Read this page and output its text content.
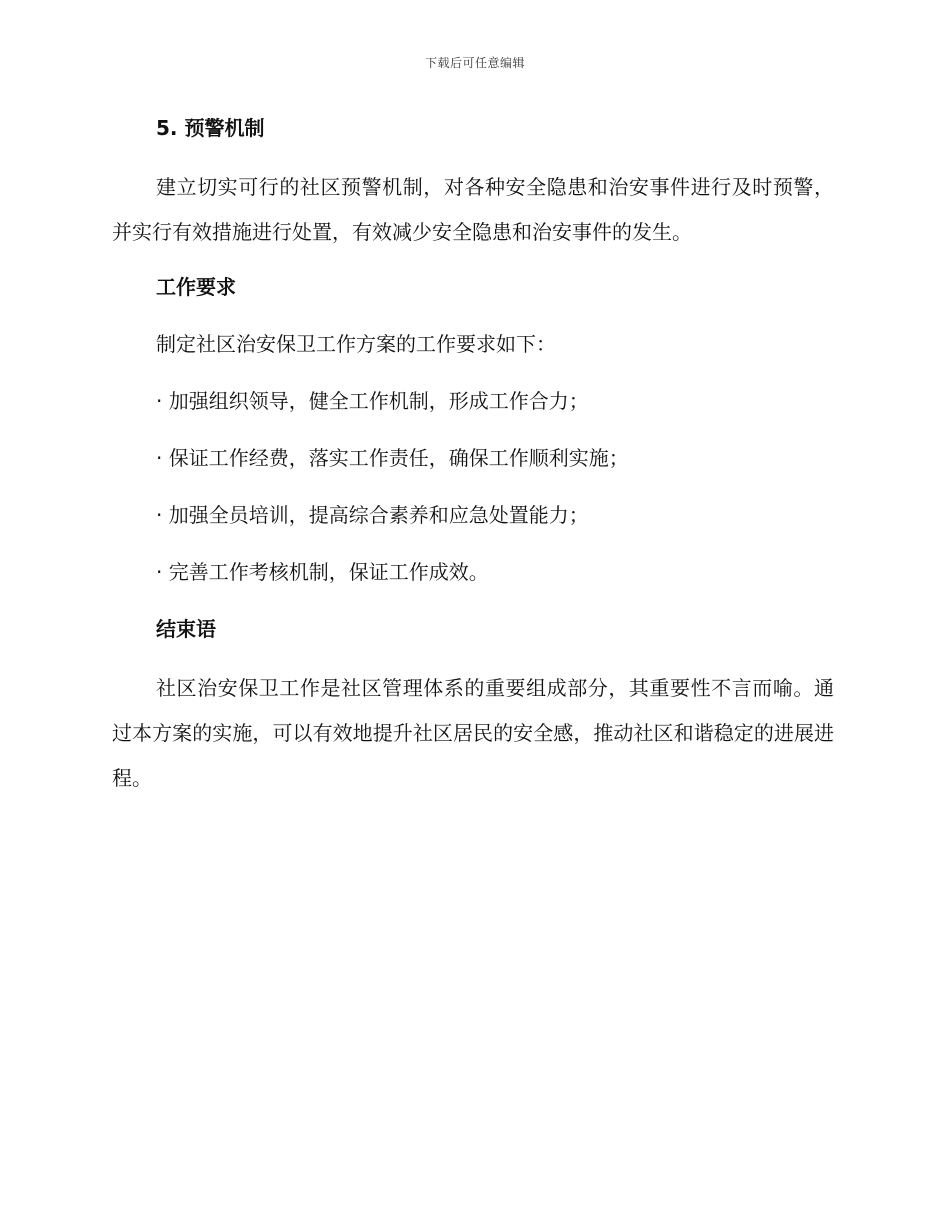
下载后可任意编辑
5. 预警机制

建立切实可行的社区预警机制，对各种安全隐患和治安事件进行及时预警，并实行有效措施进行处置，有效减少安全隐患和治安事件的发生。

工作要求

制定社区治安保卫工作方案的工作要求如下：

· 加强组织领导，健全工作机制，形成工作合力；

· 保证工作经费，落实工作责任，确保工作顺利实施；

· 加强全员培训，提高综合素养和应急处置能力；

· 完善工作考核机制，保证工作成效。

结束语

社区治安保卫工作是社区管理体系的重要组成部分，其重要性不言而喻。通过本方案的实施，可以有效地提升社区居民的安全感，推动社区和谐稳定的进展进程。
